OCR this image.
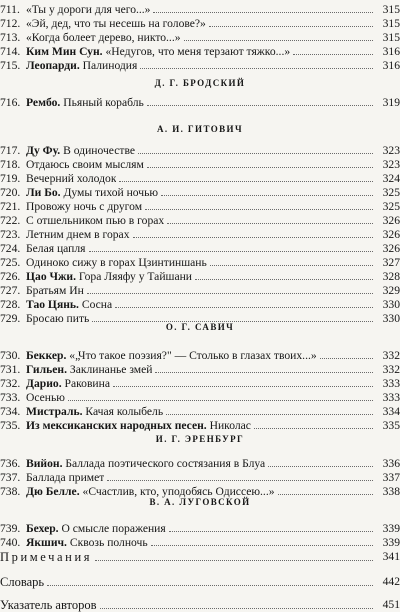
711. «Ты у дороги для чего...»	315
712. «Эй, дед, что ты несешь на голове?»	315
713. «Когда болеет дерево, никто...»	315
714. Ким Мин Сун. «Недугов, что меня терзают тяжко...»	316
715. Леопарди. Палинодия	316
Д. Г. БРОДСКИЙ
716. Рембо. Пьяный корабль	319
А. И. ГИТОВИЧ
717. Ду Фу. В одиночестве	323
718. Отдаюсь своим мыслям	323
719. Вечерний холодок	324
720. Ли Бо. Думы тихой ночью	325
721. Провожу ночь с другом	325
722. С отшельником пью в горах	326
723. Летним днем в горах	326
724. Белая цапля	326
725. Одиноко сижу в горах Цзинтиншань	327
726. Цао Чжи. Гора Ляяфу у Тайшани	328
727. Братьям Ин	329
728. Тао Цянь. Сосна	330
729. Бросаю пить	330
О. Г. САВИЧ
730. Беккер. «„Что такое поэзия?" — Столько в глазах твоих...»	332
731. Гильен. Заклинанье змей	332
732. Дарио. Раковина	333
733. Осенью	333
734. Мистраль. Качая колыбель	334
735. Из мексиканских народных песен. Николас	335
И. Г. ЭРЕНБУРГ
736. Вийон. Баллада поэтического состязания в Блуа	336
737. Баллада примет	337
738. Дю Белле. «Счастлив, кто, уподобясь Одиссею...»	338
В. А. ЛУГОВСКОЙ
739. Бехер. О смысле поражения	339
740. Якшич. Сквозь полночь	339
Примечания	341
Словарь	442
Указатель авторов	451
